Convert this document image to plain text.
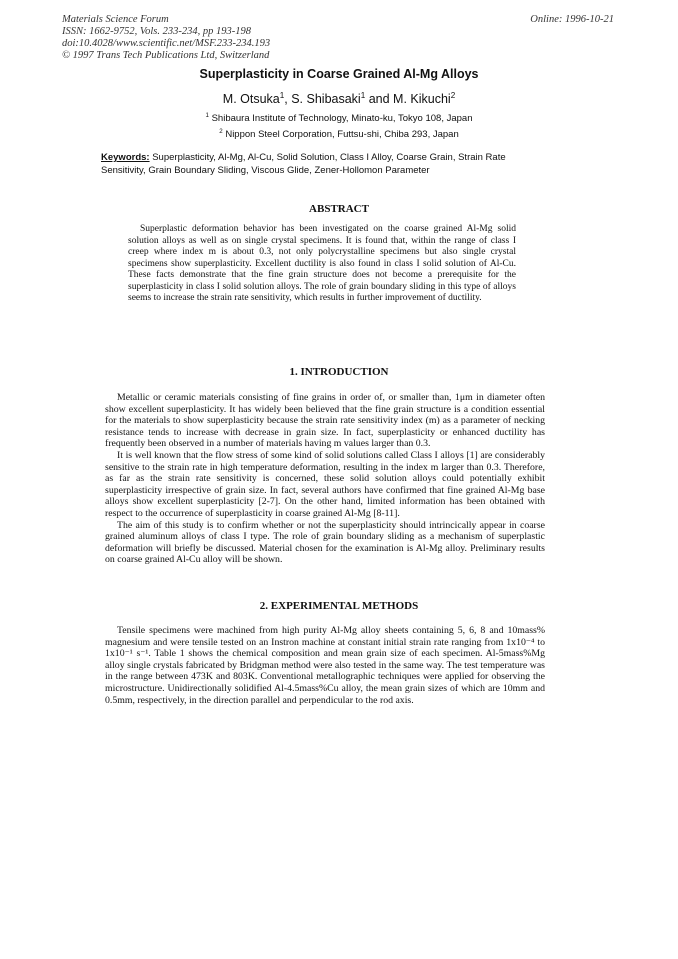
Materials Science Forum
ISSN: 1662-9752, Vols. 233-234, pp 193-198
doi:10.4028/www.scientific.net/MSF.233-234.193
© 1997 Trans Tech Publications Ltd, Switzerland
Online: 1996-10-21
Superplasticity in Coarse Grained Al-Mg Alloys
M. Otsuka$^1$, S. Shibasaki$^1$ and M. Kikuchi$^2$
$^1$ Shibaura Institute of Technology, Minato-ku, Tokyo 108, Japan
$^2$ Nippon Steel Corporation, Futtsu-shi, Chiba 293, Japan
Keywords: Superplasticity, Al-Mg, Al-Cu, Solid Solution, Class I Alloy, Coarse Grain, Strain Rate Sensitivity, Grain Boundary Sliding, Viscous Glide, Zener-Hollomon Parameter
ABSTRACT

Superplastic deformation behavior has been investigated on the coarse grained Al-Mg solid solution alloys as well as on single crystal specimens. It is found that, within the range of class I creep where index m is about 0.3, not only polycrystalline specimens but also single crystal specimens show superplasticity. Excellent ductility is also found in class I solid solution of Al-Cu. These facts demonstrate that the fine grain structure does not become a prerequisite for the superplasticity in class I solid solution alloys. The role of grain boundary sliding in this type of alloys seems to increase the strain rate sensitivity, which results in further improvement of ductility.

1. INTRODUCTION

Metallic or ceramic materials consisting of fine grains in order of, or smaller than, 1μm in diameter often show excellent superplasticity. It has widely been believed that the fine grain structure is a condition essential for the materials to show superplasticity because the strain rate sensitivity index (m) as a parameter of necking resistance tends to increase with decrease in grain size. In fact, superplasticity or enhanced ductility has frequently been observed in a number of materials having m values larger than 0.3.

It is well known that the flow stress of some kind of solid solutions called Class I alloys [1] are considerably sensitive to the strain rate in high temperature deformation, resulting in the index m larger than 0.3. Therefore, as far as the strain rate sensitivity is concerned, these solid solution alloys could potentially exhibit superplasticity irrespective of grain size. In fact, several authors have confirmed that fine grained Al-Mg base alloys show excellent superplasticity [2-7]. On the other hand, limited information has been obtained with respect to the occurrence of superplasticity in coarse grained Al-Mg [8-11].

The aim of this study is to confirm whether or not the superplasticity should intrincically appear in coarse grained aluminum alloys of class I type. The role of grain boundary sliding as a mechanism of superplastic deformation will briefly be discussed. Material chosen for the examination is Al-Mg alloy. Preliminary results on coarse grained Al-Cu alloy will be shown.

2. EXPERIMENTAL METHODS

Tensile specimens were machined from high purity Al-Mg alloy sheets containing 5, 6, 8 and 10mass% magnesium and were tensile tested on an Instron machine at constant initial strain rate ranging from 1x10⁻⁴ to 1x10⁻¹ s⁻¹. Table 1 shows the chemical composition and mean grain size of each specimen. Al-5mass%Mg alloy single crystals fabricated by Bridgman method were also tested in the same way. The test temperature was in the range between 473K and 803K. Conventional metallographic techniques were applied for observing the microstructure. Unidirectionally solidified Al-4.5mass%Cu alloy, the mean grain sizes of which are 10mm and 0.5mm, respectively, in the direction parallel and perpendicular to the rod axis.
